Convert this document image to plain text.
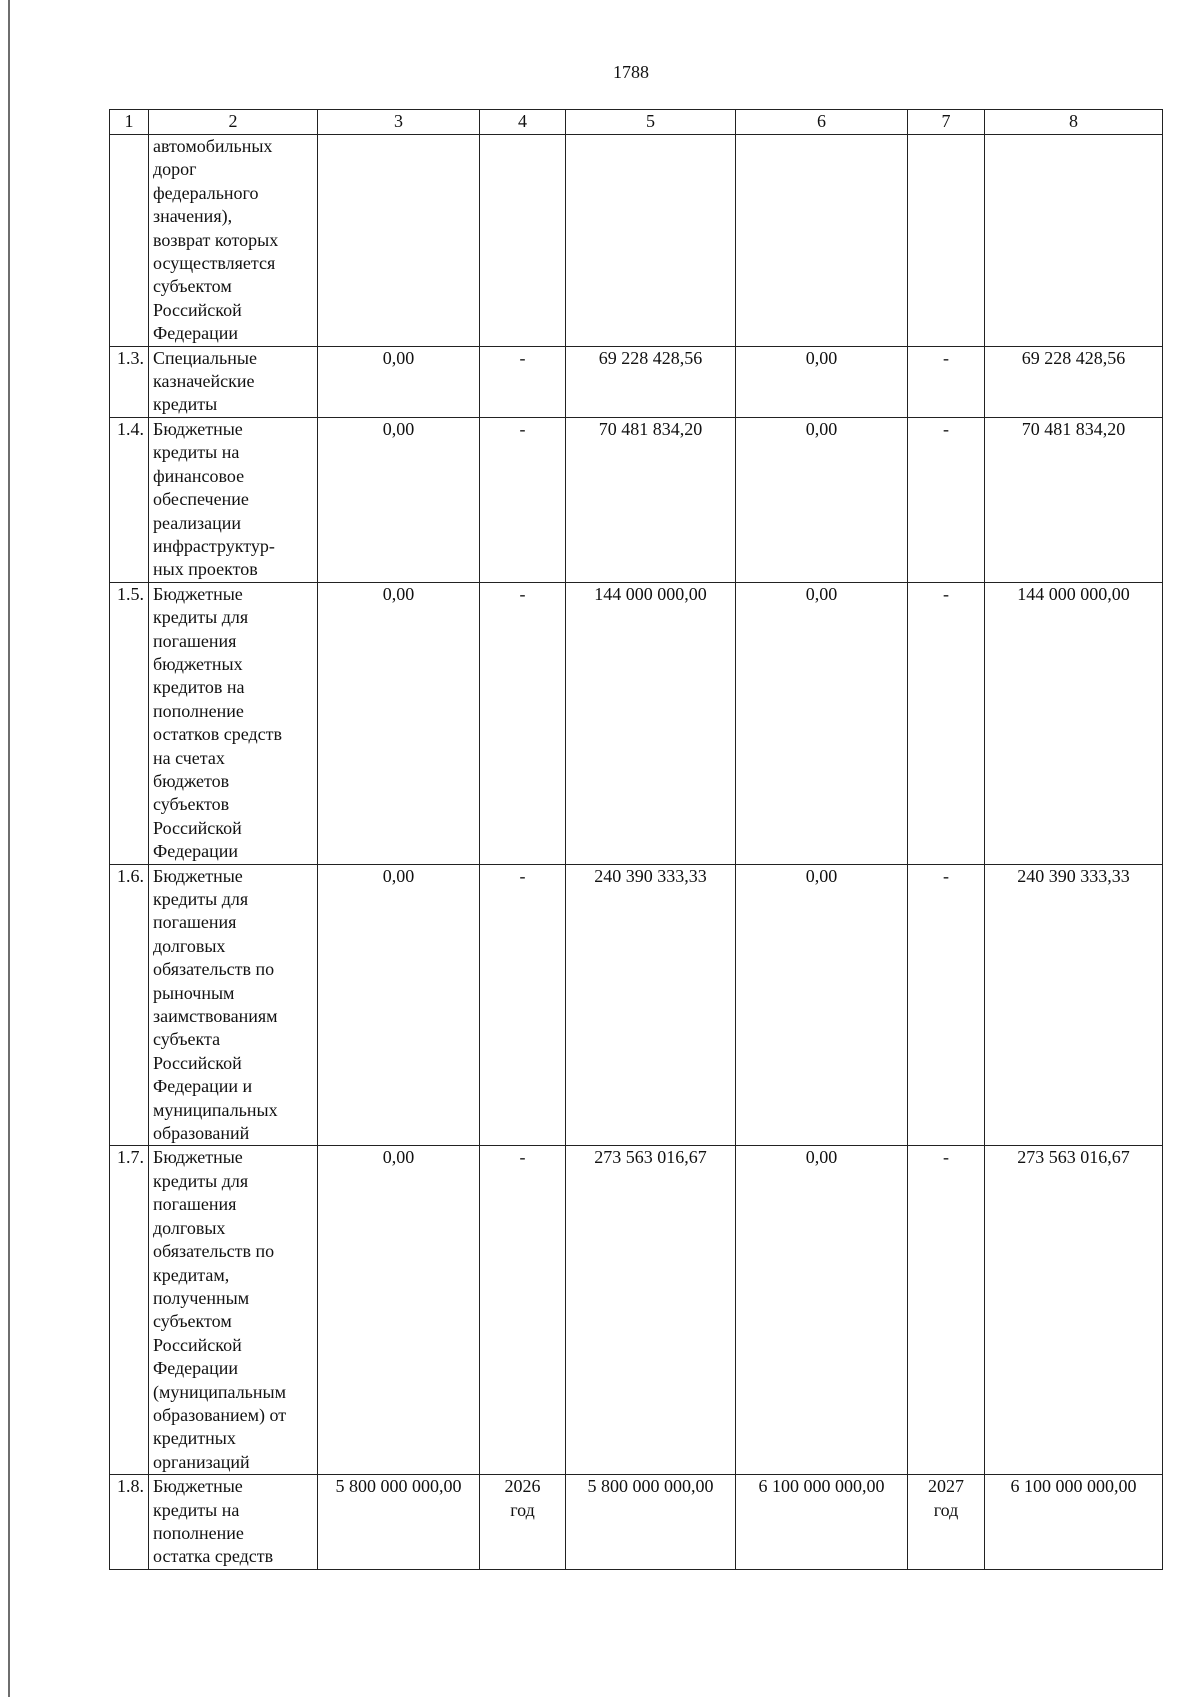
1788
1	2	3	4	5	6	7	8

	автомобильных дорог федерального значения), возврат которых осуществляется субъектом Российской Федерации						

1.3.	Специальные казначейские кредиты	0,00	-	69 228 428,56	0,00	-	69 228 428,56
1.4.	Бюджетные кредиты на финансовое обеспечение реализации инфраструктур-ных проектов	0,00	-	70 481 834,20	0,00	-	70 481 834,20
1.5.	Бюджетные кредиты для погашения бюджетных кредитов на пополнение остатков средств на счетах бюджетов субъектов Российской Федерации	0,00	-	144 000 000,00	0,00	-	144 000 000,00
1.6.	Бюджетные кредиты для погашения долговых обязательств по рыночным заимствованиям субъекта Российской Федерации и муниципальных образований	0,00	-	240 390 333,33	0,00	-	240 390 333,33
1.7.	Бюджетные кредиты для погашения долговых обязательств по кредитам, полученным субъектом Российской Федерации (муниципальным образованием) от кредитных организаций	0,00	-	273 563 016,67	0,00	-	273 563 016,67
1.8.	Бюджетные кредиты на пополнение остатка средств	5 800 000 000,00	2026 год	5 800 000 000,00	6 100 000 000,00	2027 год	6 100 000 000,00
